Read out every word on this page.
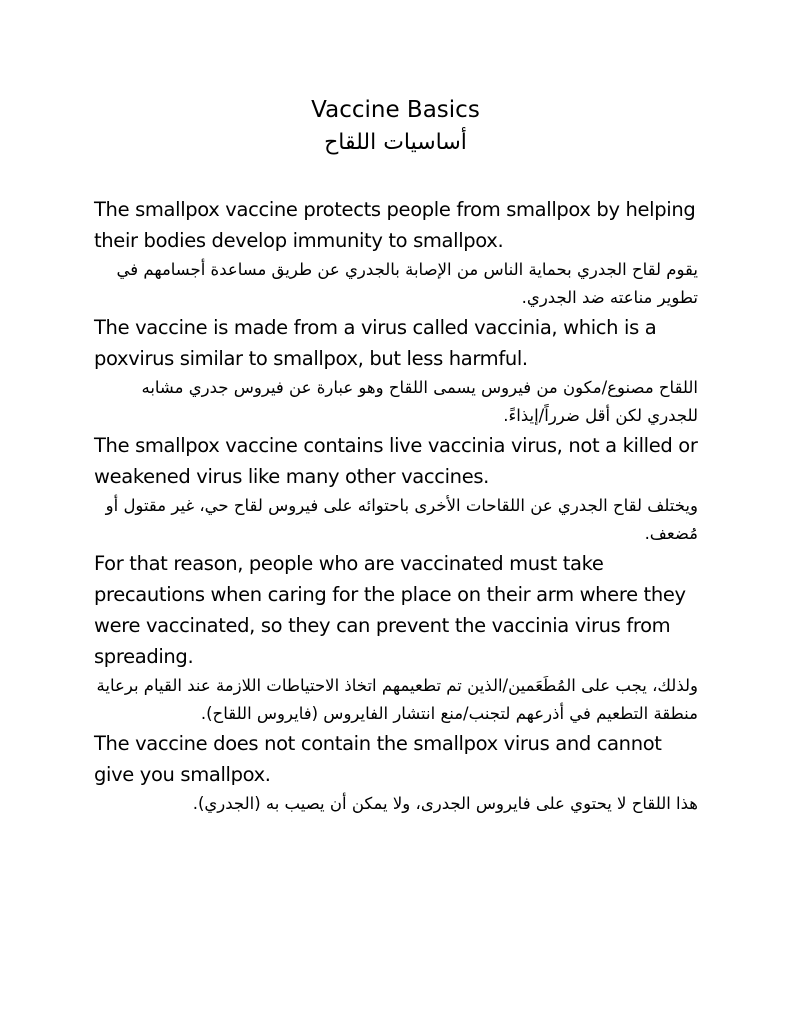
Vaccine Basics
أساسيات اللقاح

The smallpox vaccine protects people from smallpox by helping their bodies develop immunity to smallpox.

يقوم لقاح الجدري بحماية الناس من الإصابة بالجدري عن طريق مساعدة أجسامهم في تطوير مناعته ضد الجدري.

The vaccine is made from a virus called vaccinia, which is a poxvirus similar to smallpox, but less harmful.

اللقاح مصنوع/مكون من فيروس يسمى اللقاح وهو عبارة عن فيروس جدري مشابه للجدري لكن أقل ضرراً/إيذاءً.

The smallpox vaccine contains live vaccinia virus, not a killed or weakened virus like many other vaccines.

ويختلف لقاح الجدري عن اللقاحات الأخرى باحتوائه على فيروس لقاح حي، غير مقتول أو مُضعف.

For that reason, people who are vaccinated must take precautions when caring for the place on their arm where they were vaccinated, so they can prevent the vaccinia virus from spreading.

ولذلك، يجب على المُطَعَمين/الذين تم تطعيمهم اتخاذ الاحتياطات اللازمة عند القيام برعاية منطقة التطعيم في أذرعهم لتجنب/منع انتشار الفايروس (فايروس اللقاح).

The vaccine does not contain the smallpox virus and cannot give you smallpox.

هذا اللقاح لا يحتوي على فايروس الجدرى، ولا يمكن أن يصيب به (الجدري).
